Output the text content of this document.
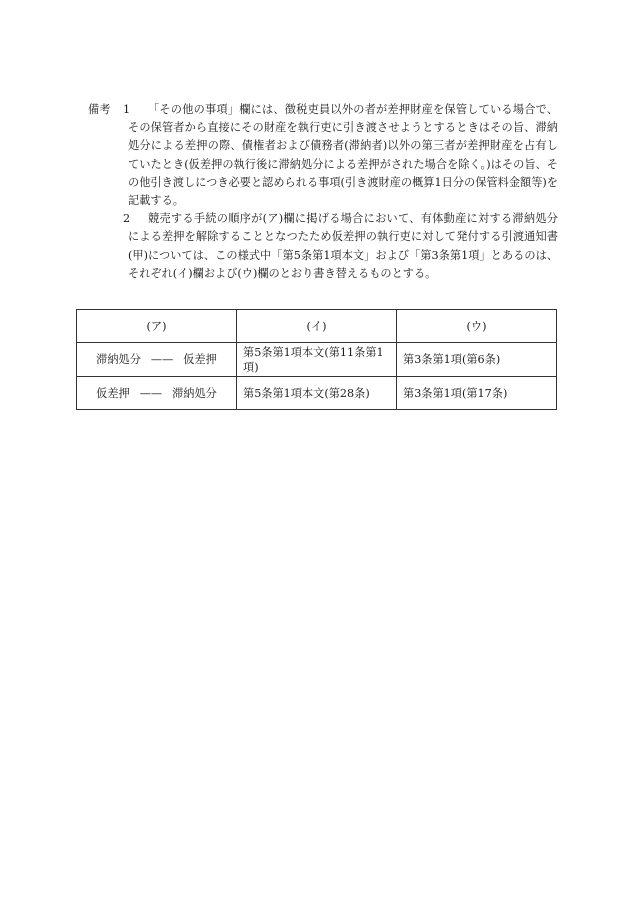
備考 1	「その他の事項」欄には、徴税吏員以外の者が差押財産を保管している場合で、その保管者から直接にその財産を執行吏に引き渡させようとするときはその旨、滞納処分による差押の際、債権者および債務者(滞納者)以外の第三者が差押財産を占有していたとき(仮差押の執行後に滞納処分による差押がされた場合を除く。)はその旨、その他引き渡しにつき必要と認められる事項(引き渡財産の概算1日分の保管料金額等)を記載する。
2	競売する手続の順序が(ア)欄に掲げる場合において、有体動産に対する滞納処分による差押を解除することとなつたため仮差押の執行吏に対して発付する引渡通知書(甲)については、この様式中「第5条第1項本文」および「第3条第1項」とあるのは、それぞれ(イ)欄および(ウ)欄のとおり書き替えるものとする。
(ア)	(イ)	(ウ)
滞納処分 —— 仮差押	第5条第1項本文(第11条第1項)	第3条第1項(第6条)
仮差押 —— 滞納処分	第5条第1項本文(第28条)	第3条第1項(第17条)
